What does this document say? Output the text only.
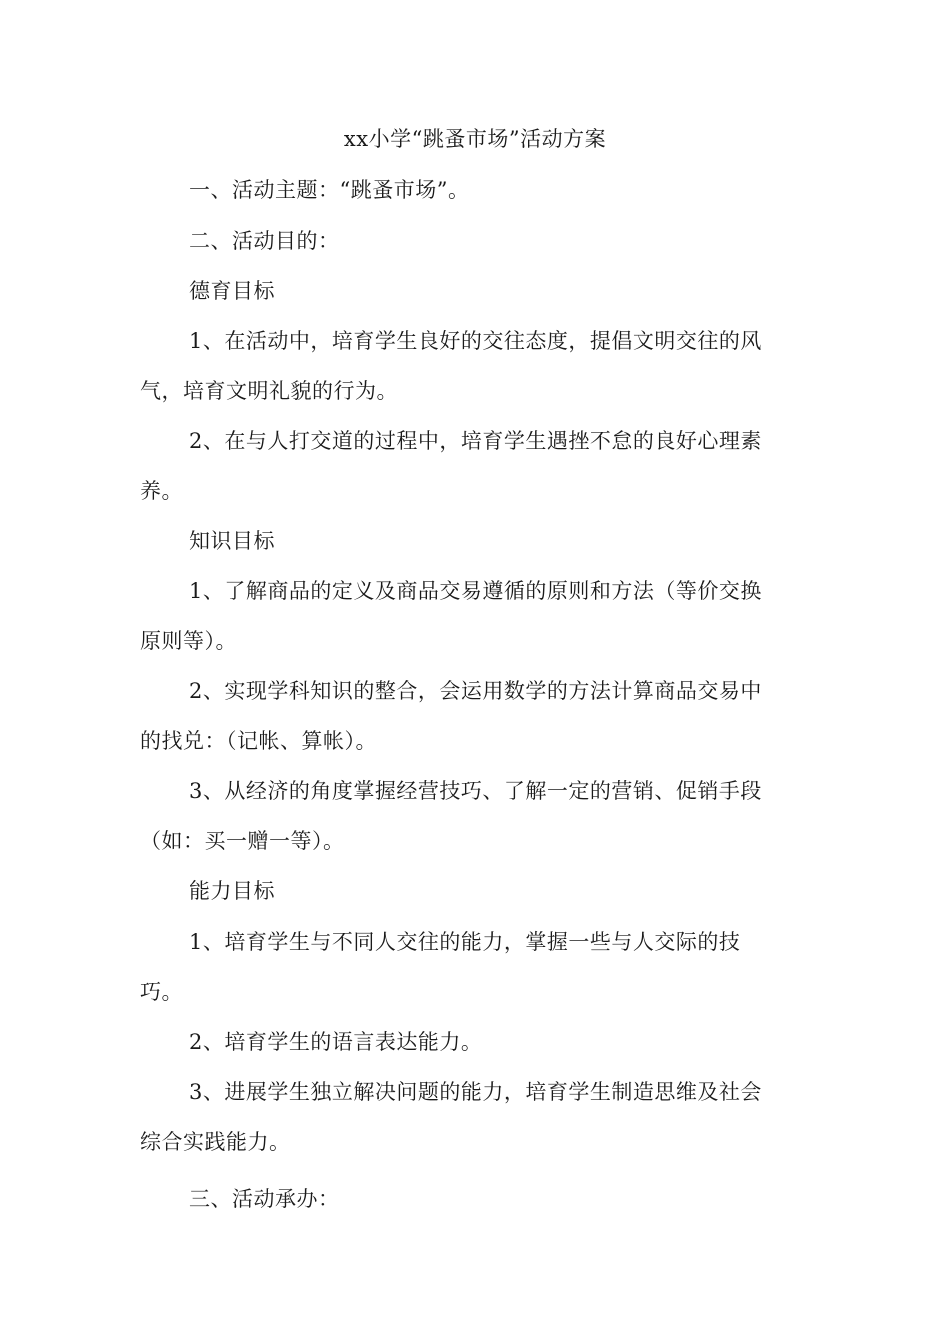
xx小学“跳蚤市场”活动方案
一、活动主题：“跳蚤市场”。
二、活动目的：
德育目标
1、在活动中，培育学生良好的交往态度，提倡文明交往的风
气，培育文明礼貌的行为。
2、在与人打交道的过程中，培育学生遇挫不怠的良好心理素
养。
知识目标
1、了解商品的定义及商品交易遵循的原则和方法（等价交换
原则等）。
2、实现学科知识的整合，会运用数学的方法计算商品交易中
的找兑：（记帐、算帐）。
3、从经济的角度掌握经营技巧、了解一定的营销、促销手段
（如：买一赠一等）。
能力目标
1、培育学生与不同人交往的能力，掌握一些与人交际的技
巧。
2、培育学生的语言表达能力。
3、进展学生独立解决问题的能力，培育学生制造思维及社会
综合实践能力。
三、活动承办：
